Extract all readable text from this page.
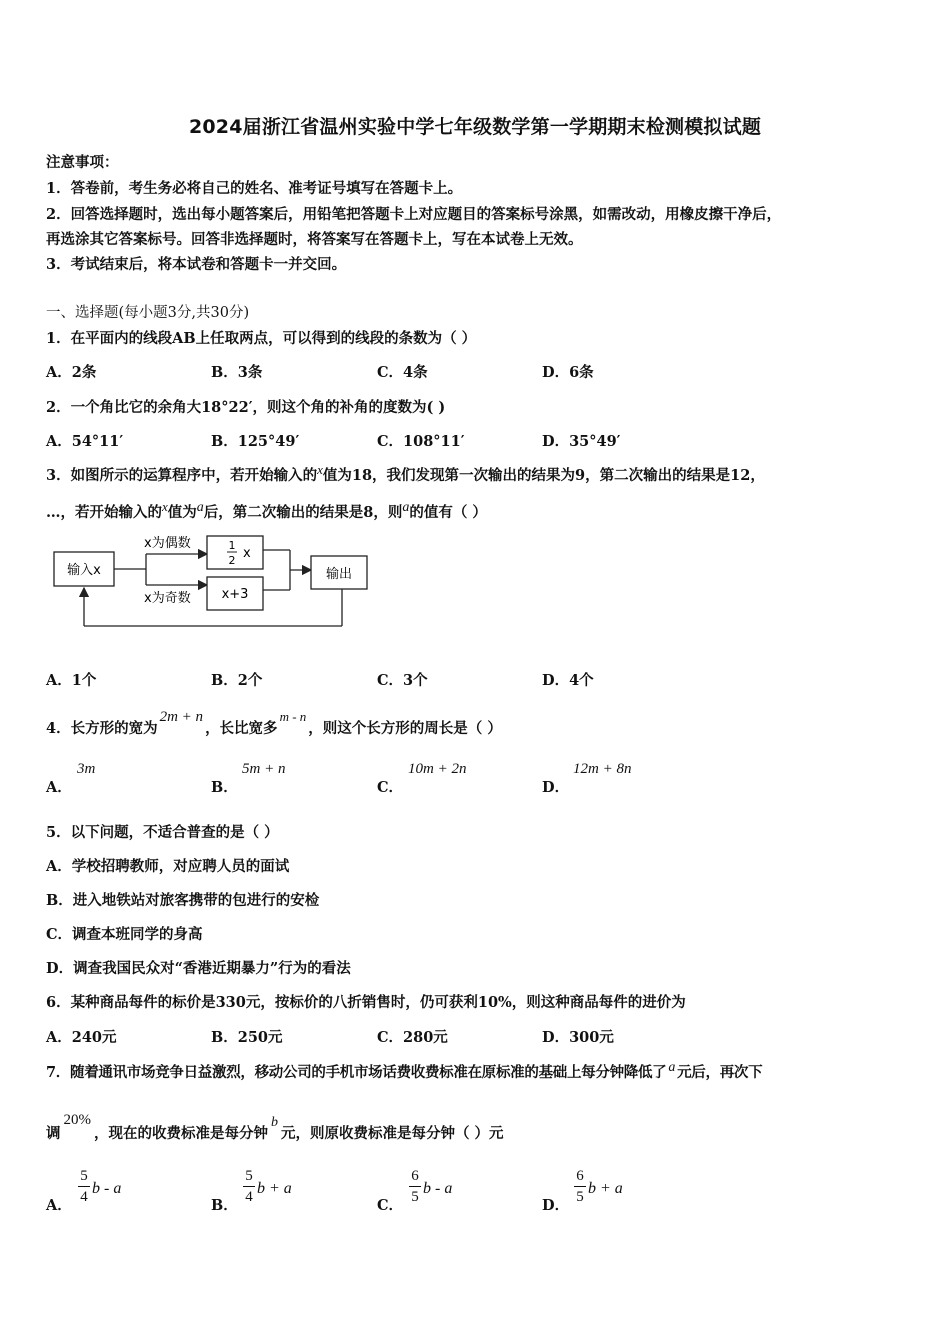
2024届浙江省温州实验中学七年级数学第一学期期末检测模拟试题
注意事项：
1．答卷前，考生务必将自己的姓名、准考证号填写在答题卡上。
2．回答选择题时，选出每小题答案后，用铅笔把答题卡上对应题目的答案标号涂黑，如需改动，用橡皮擦干净后，
再选涂其它答案标号。回答非选择题时，将答案写在答题卡上，写在本试卷上无效。
3．考试结束后，将本试卷和答题卡一并交回。
一、选择题(每小题3分,共30分)
1．在平面内的线段AB上任取两点，可以得到的线段的条数为（ ）
A．2条	B．3条	C．4条	D．6条
2．一个角比它的余角大18°22′，则这个角的补角的度数为( )
A．54°11′	B．125°49′	C．108°11′	D．35°49′
3．如图所示的运算程序中，若开始输入的x值为18，我们发现第一次输出的结果为9，第二次输出的结果是12，
…，若开始输入的x值为a后，第二次输出的结果是8，则a的值有（ ）
输入x
x为偶数
x为奇数
1
2 x
x+3
输出
A．1个	B．2个	C．3个	D．4个
4．长方形的宽为2m + n，长比宽多m - n，则这个长方形的周长是（ ）
A．
3m
B．
5m + n
C．
10m + 2n
D．
12m + 8n
5．以下问题，不适合普查的是（ ）
A．学校招聘教师，对应聘人员的面试
B．进入地铁站对旅客携带的包进行的安检
C．调查本班同学的身高
D．调查我国民众对“香港近期暴力”行为的看法
6．某种商品每件的标价是330元，按标价的八折销售时，仍可获利10%，则这种商品每件的进价为
A．240元	B．250元	C．280元	D．300元
7．随着通讯市场竞争日益激烈，移动公司的手机市场话费收费标准在原标准的基础上每分钟降低了 a 元后，再次下
调20%，现在的收费标准是每分钟b元，则原收费标准是每分钟（ ）元
A．
5
4 b - a
B．
5
4 b + a
C．
6
5 b - a
D．
6
5 b + a
